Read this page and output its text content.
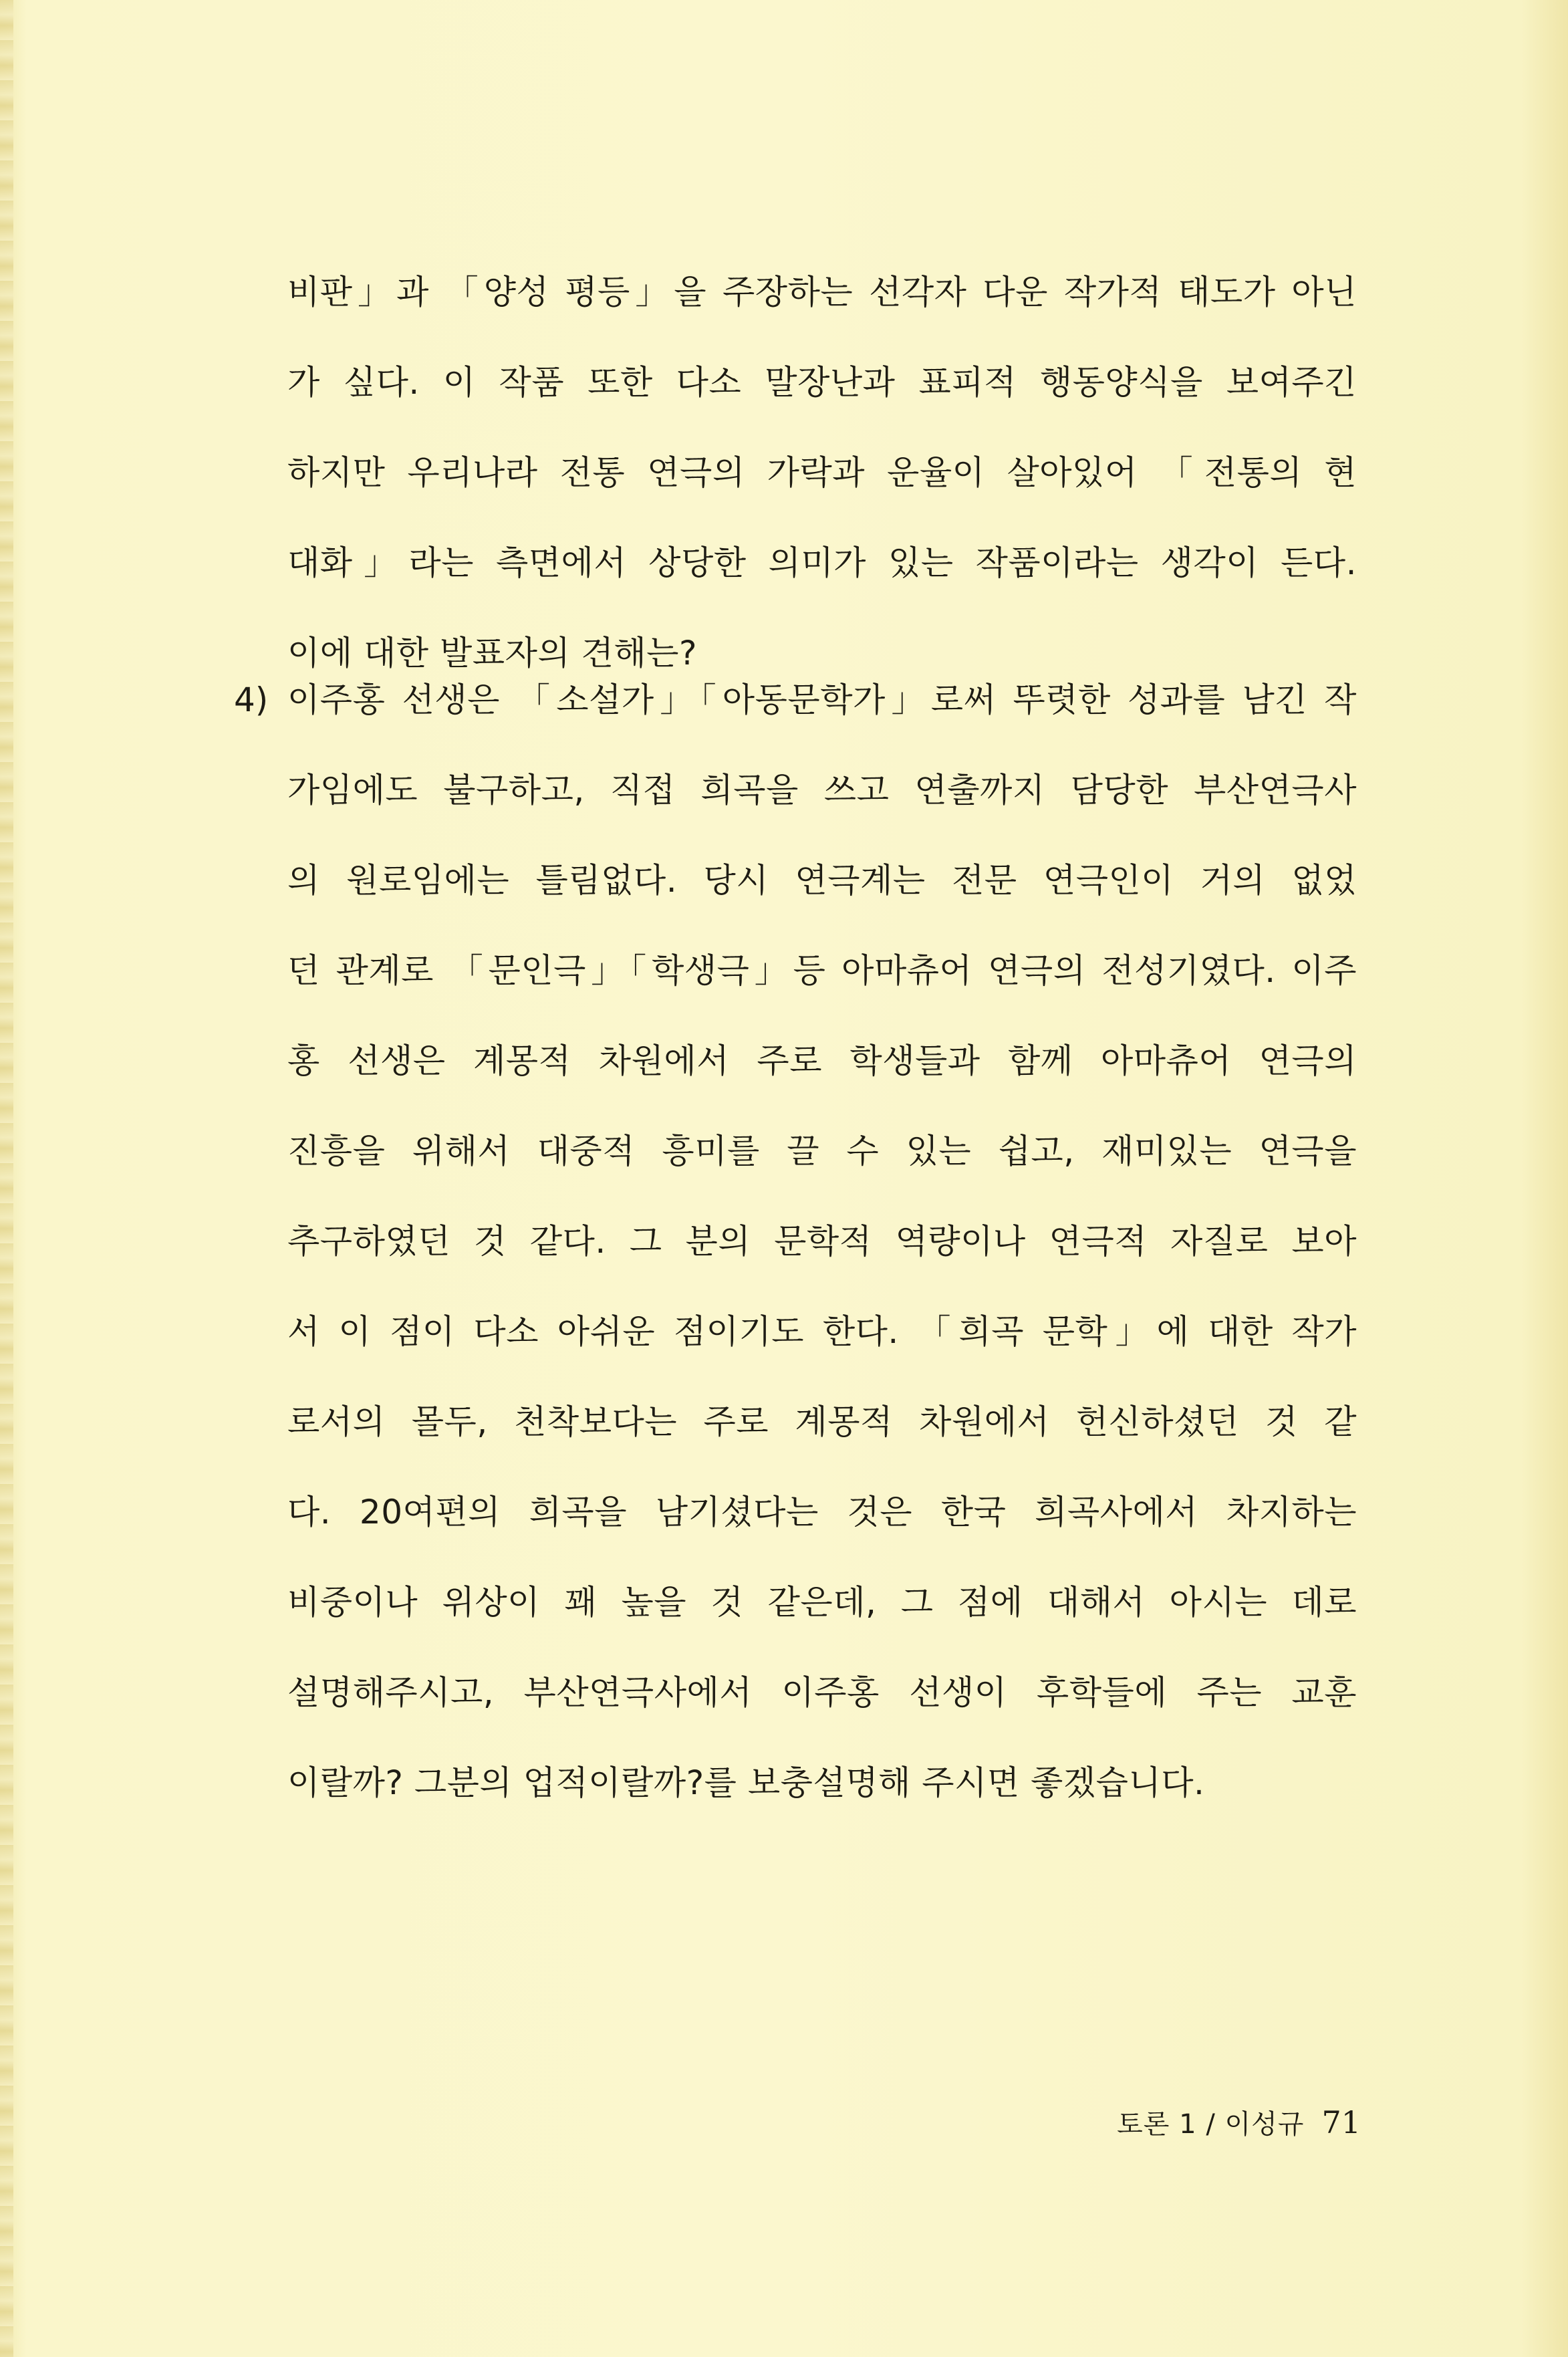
비판」과 「양성 평등」을 주장하는 선각자 다운 작가적 태도가 아닌
가 싶다. 이 작품 또한 다소 말장난과 표피적 행동양식을 보여주긴
하지만 우리나라 전통 연극의 가락과 운율이 살아있어 「전통의 현
대화」라는 측면에서 상당한 의미가 있는 작품이라는 생각이 든다.
이에 대한 발표자의 견해는?
4) 이주홍 선생은 「소설가」「아동문학가」로써 뚜렷한 성과를 남긴 작
가임에도 불구하고, 직접 희곡을 쓰고 연출까지 담당한 부산연극사
의 원로임에는 틀림없다. 당시 연극계는 전문 연극인이 거의 없었
던 관계로 「문인극」「학생극」등 아마츄어 연극의 전성기였다. 이주
홍 선생은 계몽적 차원에서 주로 학생들과 함께 아마츄어 연극의
진흥을 위해서 대중적 흥미를 끌 수 있는 쉽고, 재미있는 연극을
추구하였던 것 같다. 그 분의 문학적 역량이나 연극적 자질로 보아
서 이 점이 다소 아쉬운 점이기도 한다. 「희곡 문학」에 대한 작가
로서의 몰두, 천착보다는 주로 계몽적 차원에서 헌신하셨던 것 같
다. 20여편의 희곡을 남기셨다는 것은 한국 희곡사에서 차지하는
비중이나 위상이 꽤 높을 것 같은데, 그 점에 대해서 아시는 데로
설명해주시고, 부산연극사에서 이주홍 선생이 후학들에 주는 교훈
이랄까? 그분의 업적이랄까?를 보충설명해 주시면 좋겠습니다.
토론 1 / 이성규 71
